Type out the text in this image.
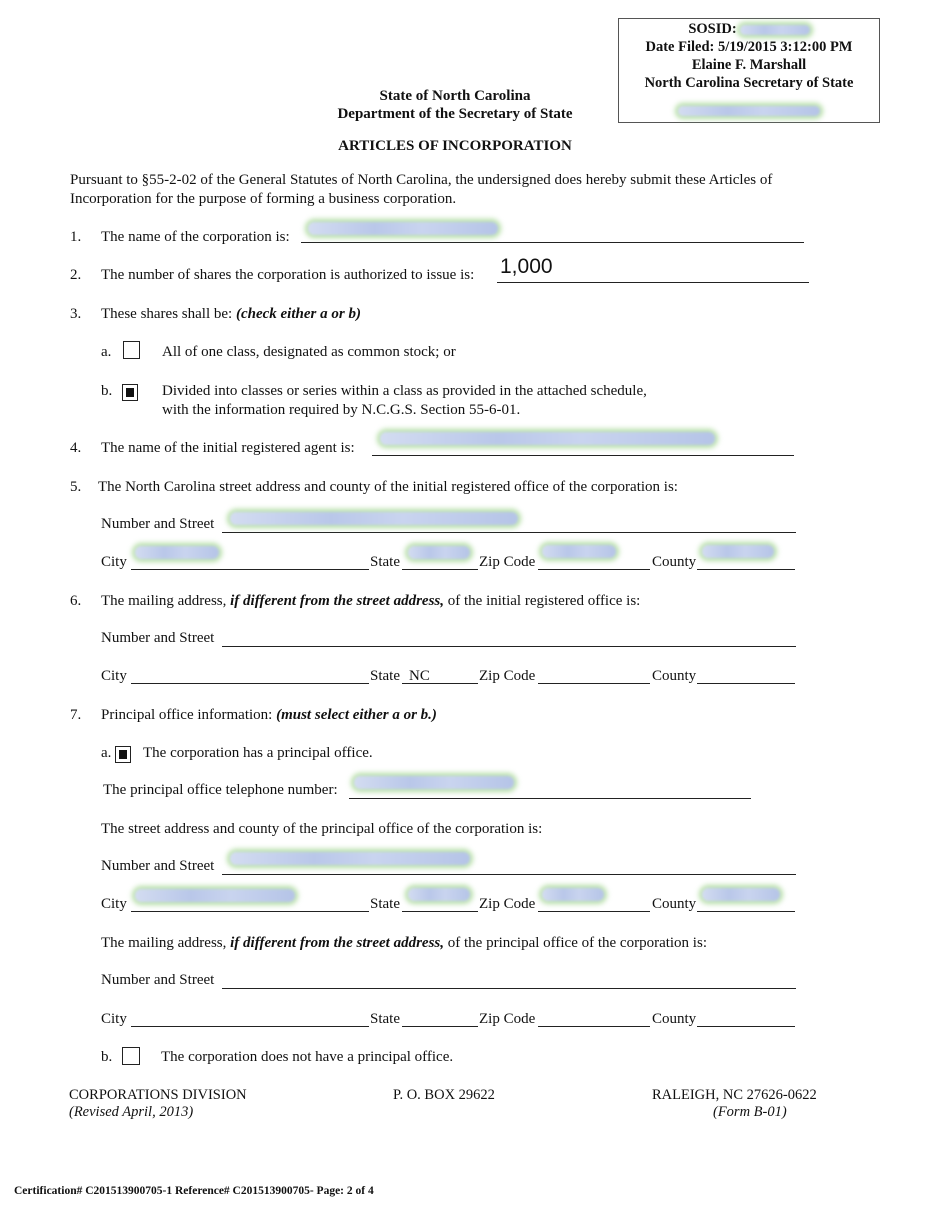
SOSID:
Date Filed: 5/19/2015 3:12:00 PM
Elaine F. Marshall
North Carolina Secretary of State
State of North Carolina
Department of the Secretary of State
ARTICLES OF INCORPORATION
Pursuant to §55-2-02 of the General Statutes of North Carolina, the undersigned does hereby submit these Articles of
Incorporation for the purpose of forming a business corporation.
1. The name of the corporation is:
2. The number of shares the corporation is authorized to issue is: 1,000
3. These shares shall be: (check either a or b)
a.	All of one class, designated as common stock; or
b.	Divided into classes or series within a class as provided in the attached schedule,
with the information required by N.C.G.S. Section 55-6-01.
4. The name of the initial registered agent is:
5. The North Carolina street address and county of the initial registered office of the corporation is:
Number and Street
City	State	Zip Code	County
6. The mailing address, if different from the street address, of the initial registered office is:
Number and Street
City	State NC	Zip Code	County
7. Principal office information: (must select either a or b.)
a. The corporation has a principal office.
The principal office telephone number:
The street address and county of the principal office of the corporation is:
Number and Street
City	State	Zip Code	County
The mailing address, if different from the street address, of the principal office of the corporation is:
Number and Street
City	State	Zip Code	County
b.	The corporation does not have a principal office.
CORPORATIONS DIVISION
(Revised April, 2013)
P. O. BOX 29622	RALEIGH, NC 27626-0622
(Form B-01)
Certification# C201513900705-1 Reference# C201513900705- Page: 2 of 4
